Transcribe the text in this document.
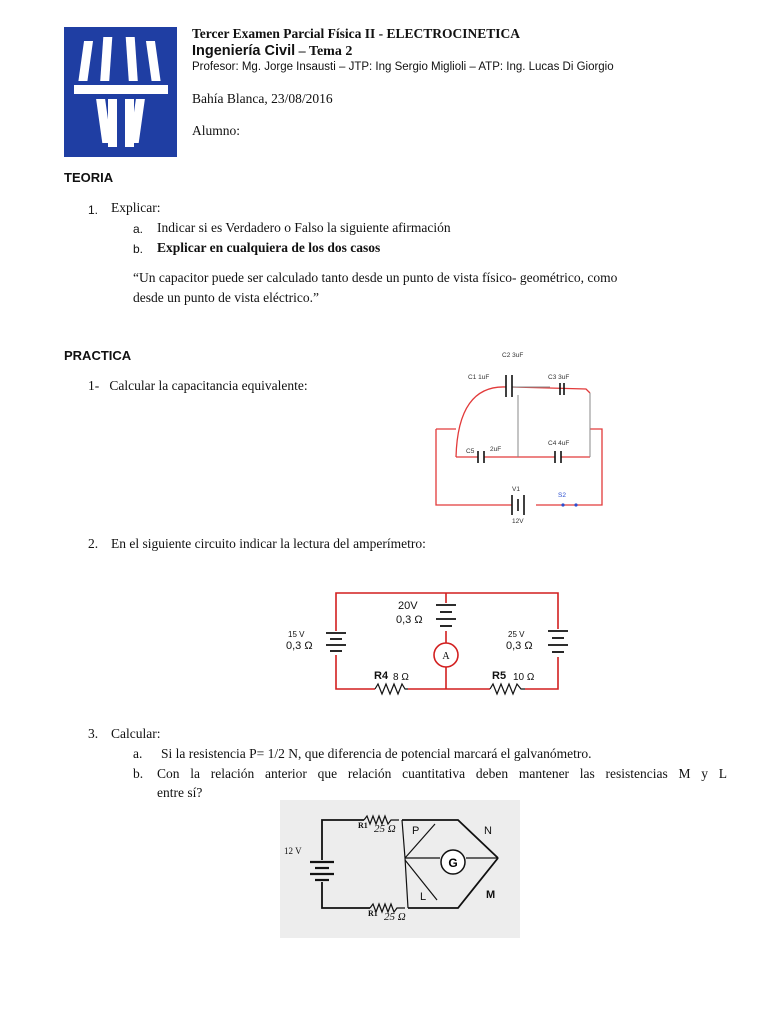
Tercer Examen Parcial Física II - ELECTROCINETICA
Ingeniería Civil – Tema 2
Profesor: Mg. Jorge Insausti – JTP: Ing Sergio Miglioli – ATP: Ing. Lucas Di Giorgio
Bahía Blanca, 23/08/2016
Alumno:
TEORIA
1. Explicar:
a. Indicar si es Verdadero o Falso la siguiente afirmación
b. Explicar en cualquiera de los dos casos
“Un capacitor puede ser calculado tanto desde un punto de vista físico- geométrico, como
desde un punto de vista eléctrico.”
PRACTICA
1-   Calcular la capacitancia equivalente:
C2 3uF
C1 1uF	C3 3uF
C4 4uF
C5 2uF
V1
S2
12V
2. En el siguiente circuito indicar la lectura del amperímetro:
A
15 V
0,3 Ω
20V
0,3 Ω
25 V
0,3 Ω
R4 8 Ω	R5 10 Ω
3. Calcular:
a. Si la resistencia P= 1/2 N, que diferencia de potencial marcará el galvanómetro.
b. Con la relación anterior que relación cuantitativa deben mantener las resistencias M y L
entre sí?
G
12 V
R1 25 Ω
R1 25 Ω
P	N
L	M
